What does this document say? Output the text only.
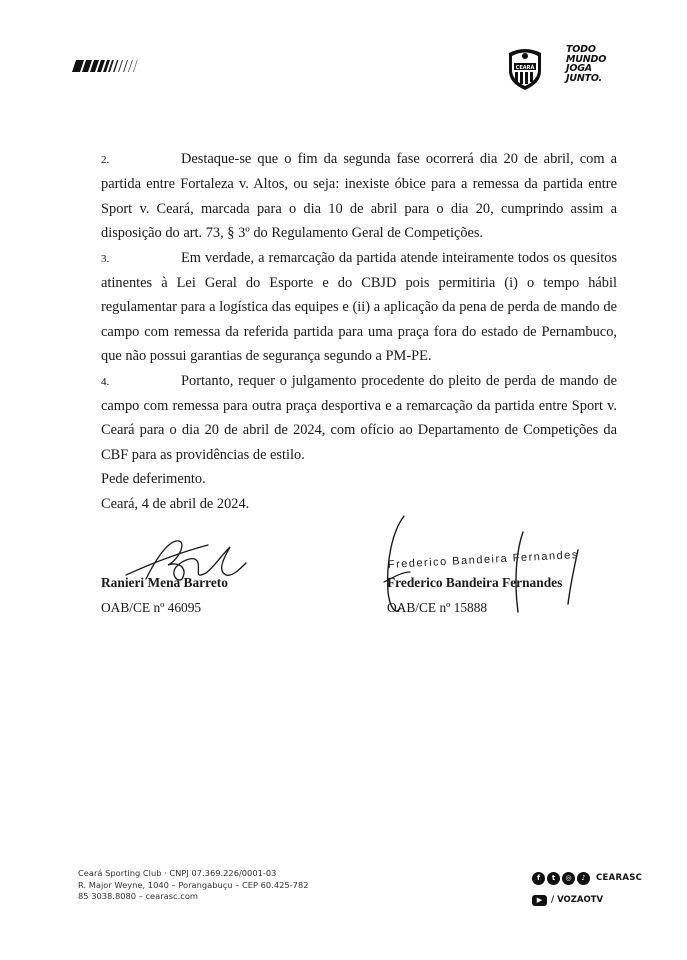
CEARÁ
TODO
MUNDO
JOGA
JUNTO.

2.	Destaque-se que o fim da segunda fase ocorrerá dia 20 de abril, com a partida entre Fortaleza v. Altos, ou seja: inexiste óbice para a remessa da partida entre Sport v. Ceará, marcada para o dia 10 de abril para o dia 20, cumprindo assim a disposição do art. 73, § 3º do Regulamento Geral de Competições.

3.	Em verdade, a remarcação da partida atende inteiramente todos os quesitos atinentes à Lei Geral do Esporte e do CBJD pois permitiria (i) o tempo hábil regulamentar para a logística das equipes e (ii) a aplicação da pena de perda de mando de campo com remessa da referida partida para uma praça fora do estado de Pernambuco, que não possui garantias de segurança segundo a PM-PE.

4.	Portanto, requer o julgamento procedente do pleito de perda de mando de campo com remessa para outra praça desportiva e a remarcação da partida entre Sport v. Ceará para o dia 20 de abril de 2024, com ofício ao Departamento de Competições da CBF para as providências de estilo.

Pede deferimento.

Ceará, 4 de abril de 2024.

Ranieri Mena Barreto
OAB/CE nº 46095
Frederico Bandeira Fernandes
Frederico Bandeira Fernandes
OAB/CE nº 15888
Ceará Sporting Club · CNPJ 07.369.226/0001-03
R. Major Weyne, 1040 – Porangabuçu – CEP 60.425-782
85 3038.8080 – cearasc.com
f	t	◎	♪	CEARASC
▶	/ VOZAOTV
